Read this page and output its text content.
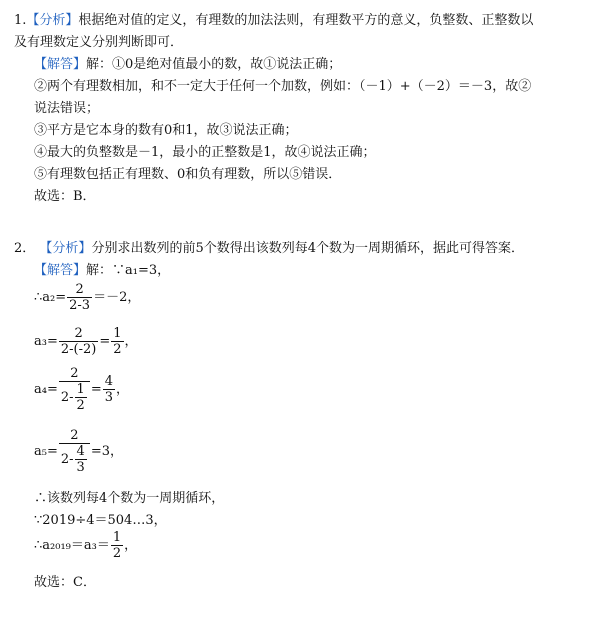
1.【分析】根据绝对值的定义，有理数的加法法则，有理数平方的意义，负整数、正整数以
及有理数定义分别判断即可．
【解答】解：①0是绝对值最小的数，故①说法正确；
②两个有理数相加，和不一定大于任何一个加数，例如：（－1）+（－2）＝－3，故②
说法错误；
③平方是它本身的数有0和1，故③说法正确；
④最大的负整数是－1，最小的正整数是1，故④说法正确；
⑤有理数包括正有理数、0和负有理数，所以⑤错误．
故选：B．
2． 【分析】分别求出数列的前5个数得出该数列每4个数为一周期循环，据此可得答案．
【解答】解：∵a₁=3，
∴a₂= $\frac{2}{2-3} =-2$，
$a_3= \frac{2}{2-(-2)} = \frac{1}{2}$ ，
$a_4= \frac{2}{2- \frac{1}{2}} = \frac{4}{3}$ ，
$a_5= \frac{2}{2- \frac{4}{3}} =3$，
∴该数列每4个数为一周期循环，
∵2019÷4＝504…3，
∴a₂₀₁₉＝a₃＝ $\frac{1}{2}$ ，
故选：C．
